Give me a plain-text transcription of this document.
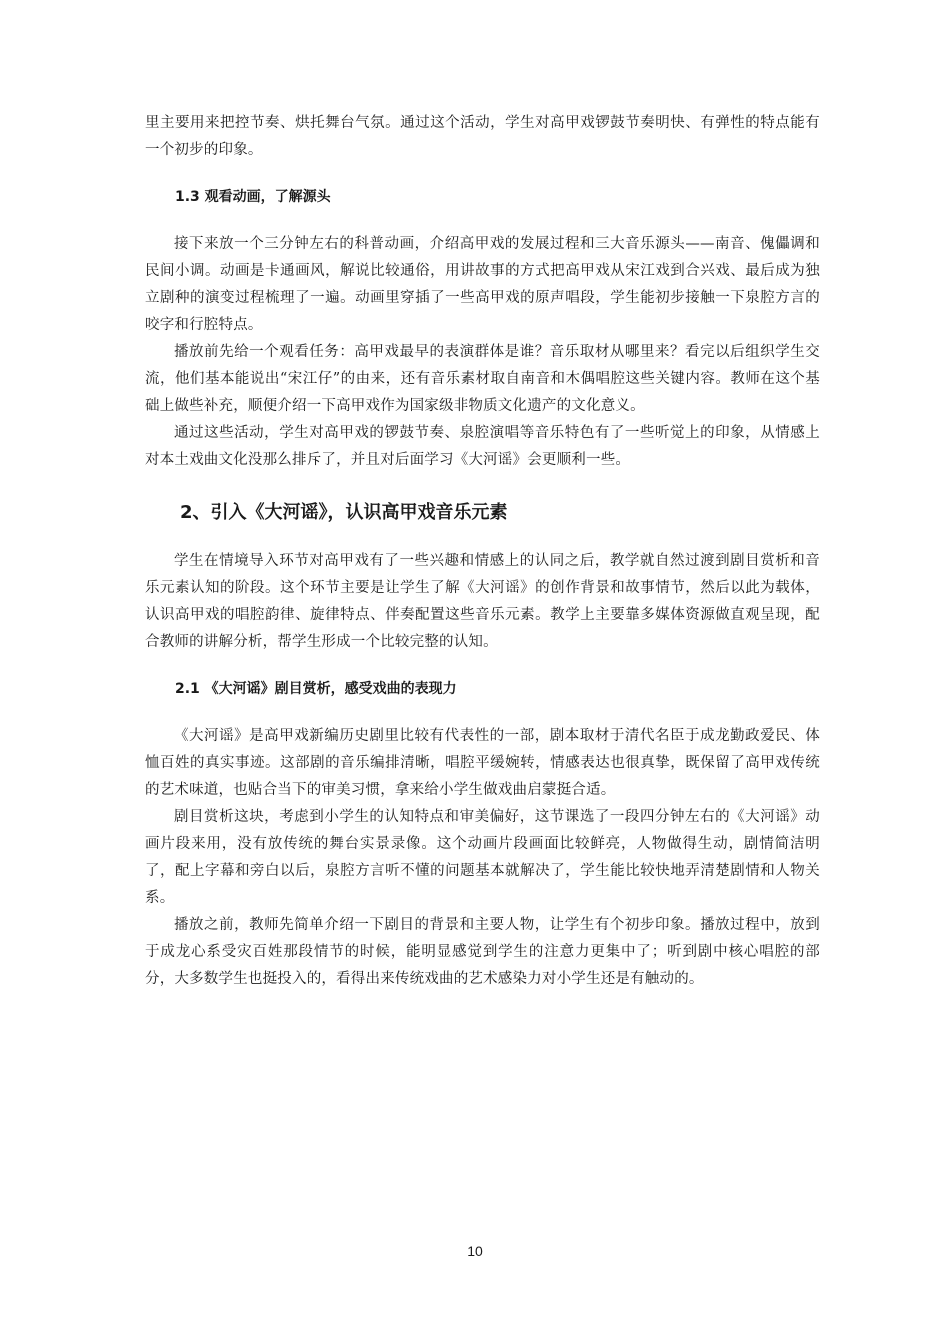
里主要用来把控节奏、烘托舞台气氛。通过这个活动，学生对高甲戏锣鼓节奏明快、有弹性的特点能有一个初步的印象。

1.3 观看动画，了解源头

接下来放一个三分钟左右的科普动画，介绍高甲戏的发展过程和三大音乐源头——南音、傀儡调和民间小调。动画是卡通画风，解说比较通俗，用讲故事的方式把高甲戏从宋江戏到合兴戏、最后成为独立剧种的演变过程梳理了一遍。动画里穿插了一些高甲戏的原声唱段，学生能初步接触一下泉腔方言的咬字和行腔特点。

播放前先给一个观看任务：高甲戏最早的表演群体是谁？音乐取材从哪里来？看完以后组织学生交流，他们基本能说出“宋江仔”的由来，还有音乐素材取自南音和木偶唱腔这些关键内容。教师在这个基础上做些补充，顺便介绍一下高甲戏作为国家级非物质文化遗产的文化意义。

通过这些活动，学生对高甲戏的锣鼓节奏、泉腔演唱等音乐特色有了一些听觉上的印象，从情感上对本土戏曲文化没那么排斥了，并且对后面学习《大河谣》会更顺利一些。

2、引入《大河谣》，认识高甲戏音乐元素

学生在情境导入环节对高甲戏有了一些兴趣和情感上的认同之后，教学就自然过渡到剧目赏析和音乐元素认知的阶段。这个环节主要是让学生了解《大河谣》的创作背景和故事情节，然后以此为载体，认识高甲戏的唱腔韵律、旋律特点、伴奏配置这些音乐元素。教学上主要靠多媒体资源做直观呈现，配合教师的讲解分析，帮学生形成一个比较完整的认知。

2.1 《大河谣》剧目赏析，感受戏曲的表现力

《大河谣》是高甲戏新编历史剧里比较有代表性的一部，剧本取材于清代名臣于成龙勤政爱民、体恤百姓的真实事迹。这部剧的音乐编排清晰，唱腔平缓婉转，情感表达也很真挚，既保留了高甲戏传统的艺术味道，也贴合当下的审美习惯，拿来给小学生做戏曲启蒙挺合适。

剧目赏析这块，考虑到小学生的认知特点和审美偏好，这节课选了一段四分钟左右的《大河谣》动画片段来用，没有放传统的舞台实景录像。这个动画片段画面比较鲜亮，人物做得生动，剧情简洁明了，配上字幕和旁白以后，泉腔方言听不懂的问题基本就解决了，学生能比较快地弄清楚剧情和人物关系。

播放之前，教师先简单介绍一下剧目的背景和主要人物，让学生有个初步印象。播放过程中，放到于成龙心系受灾百姓那段情节的时候，能明显感觉到学生的注意力更集中了；听到剧中核心唱腔的部分，大多数学生也挺投入的，看得出来传统戏曲的艺术感染力对小学生还是有触动的。

10
